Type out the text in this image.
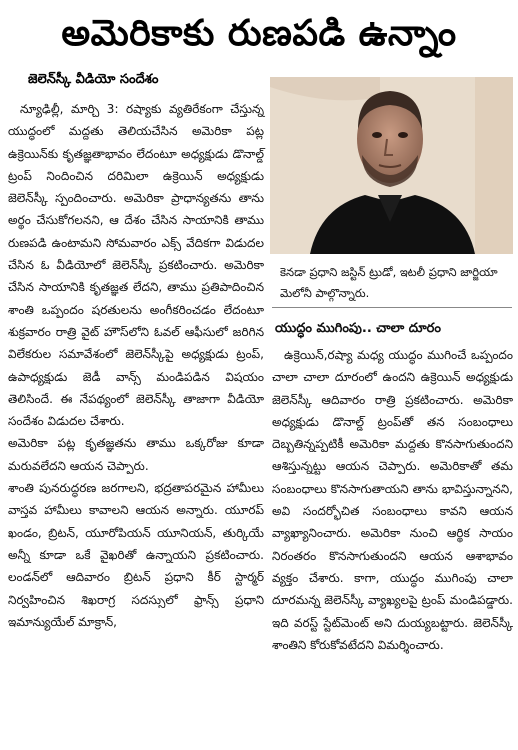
అమెరికాకు రుణపడి ఉన్నాం
జెలెన్‌స్కీ వీడియో సందేశం

న్యూఢిల్లీ, మార్చి 3: రష్యాకు వ్యతిరేకంగా చేస్తున్న యుద్ధంలో మద్దతు తెలియచేసిన అమెరికా పట్ల ఉక్రెయిన్‌కు కృతజ్ఞతాభావం లేదంటూ అధ్యక్షుడు డొనాల్డ్ ట్రంప్ నిందించిన దరిమిలా ఉక్రెయిన్ అధ్యక్షుడు జెలెన్‌స్కీ స్పందించారు. అమెరికా ప్రాధాన్యతను తాను అర్థం చేసుకోగలనని, ఆ దేశం చేసిన సాయానికి తాము రుణపడి ఉంటామని సోమవారం ఎక్స్ వేదికగా విడుదల చేసిన ఓ వీడియోలో జెలెన్‌స్కీ ప్రకటించారు. అమెరికా చేసిన సాయానికి కృతజ్ఞత లేదని, తాము ప్రతిపాదించిన శాంతి ఒప్పందం షరతులను అంగీకరించడం లేదంటూ శుక్రవారం రాత్రి వైట్ హౌస్‌లోని ఓవల్ ఆఫీసులో జరిగిన విలేకరుల సమావేశంలో జెలెన్‌స్కీపై అధ్యక్షుడు ట్రంప్, ఉపాధ్యక్షుడు జెడీ వాన్స్ మండిపడిన విషయం తెలిసిందే. ఈ నేపథ్యంలో జెలెన్‌స్కీ తాజాగా వీడియో సందేశం విడుదల చేశారు.

అమెరికా పట్ల కృతజ్ఞతను తాము ఒక్కరోజు కూడా మరువలేదని ఆయన చెప్పారు.

శాంతి పునరుద్ధరణ జరగాలని, భద్రతాపరమైన హామీలు వాస్తవ హామీలు కావాలని ఆయన అన్నారు. యూరప్ ఖండం, బ్రిటన్, యూరోపియన్ యూనియన్, తుర్కియే అన్నీ కూడా ఒకే వైఖరితో ఉన్నాయని ప్రకటించారు. లండన్‌లో ఆదివారం బ్రిటన్ ప్రధాని కీర్ స్టార్మర్ నిర్వహించిన శిఖరాగ్ర సదస్సులో ఫ్రాన్స్ ప్రధాని ఇమాన్యుయేల్ మాక్రాన్,

కెనడా ప్రధాని జస్టిన్ ట్రుడో, ఇటలీ ప్రధాని జార్జియా మెలోనీ పాల్గొన్నారు.
యుద్ధం ముగింపు.. చాలా దూరం

ఉక్రెయిన్,రష్యా మధ్య యుద్ధం ముగించే ఒప్పందం చాలా చాలా దూరంలో ఉందని ఉక్రెయిన్ అధ్యక్షుడు జెలెన్‌స్కీ ఆదివారం రాత్రి ప్రకటించారు. అమెరికా అధ్యక్షుడు డొనాల్డ్ ట్రంప్‌తో తన సంబంధాలు దెబ్బతిన్నప్పటికీ అమెరికా మద్దతు కొనసాగుతుందని ఆశిస్తున్నట్టు ఆయన చెప్పారు. అమెరికాతో తమ సంబంధాలు కొనసాగుతాయని తాను భావిస్తున్నానని, అవి సందర్భోచిత సంబంధాలు కావని ఆయన వ్యాఖ్యానించారు. అమెరికా నుంచి ఆర్థిక సాయం నిరంతరం కొనసాగుతుందని ఆయన ఆశాభావం వ్యక్తం చేశారు. కాగా, యుద్ధం ముగింపు చాలా దూరమన్న జెలెన్‌స్కీ వ్యాఖ్యలపై ట్రంప్ మండిపడ్డారు. ఇది వరస్ట్ స్టేట్‌మెంట్ అని దుయ్యబట్టారు. జెలెన్‌స్కీ శాంతిని కోరుకోవటేదని విమర్శించారు.
